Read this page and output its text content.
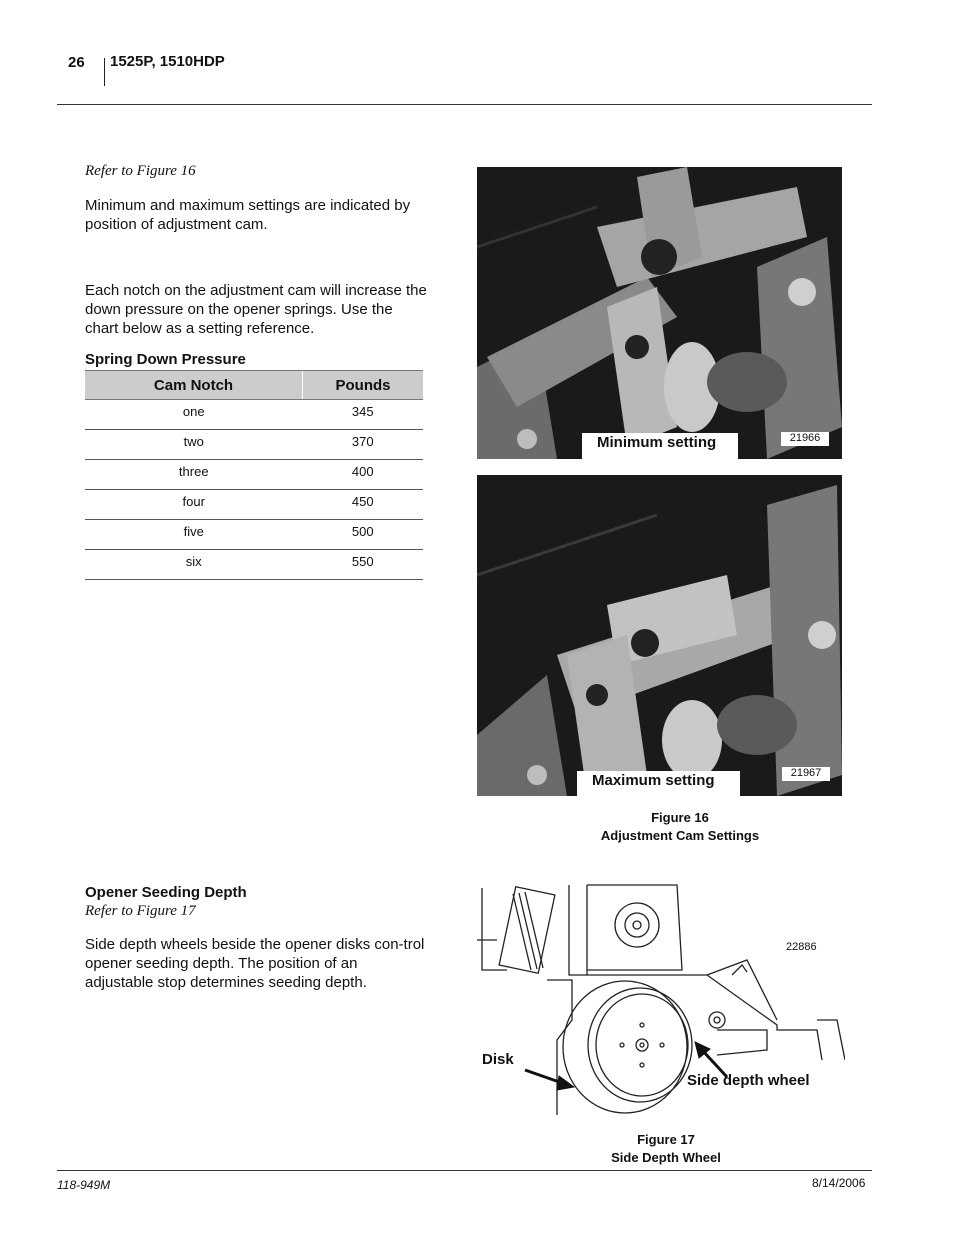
26 1525P, 1510HDP
Refer to Figure 16
Minimum and maximum settings are indicated by position of adjustment cam.
Each notch on the adjustment cam will increase the down pressure on the opener springs. Use the chart below as a setting reference.
Spring Down Pressure
Cam Notch	Pounds
one	345
two	370
three	400
four	450
five	500
six	550
Minimum setting	21966
Maximum setting	21967
Figure 16
Adjustment Cam Settings
Opener Seeding Depth
Refer to Figure 17
Side depth wheels beside the opener disks con-trol opener seeding depth. The position of an adjustable stop determines seeding depth.
22886
Disk
Side depth wheel
Figure 17
Side Depth Wheel
118-949M	8/14/2006
